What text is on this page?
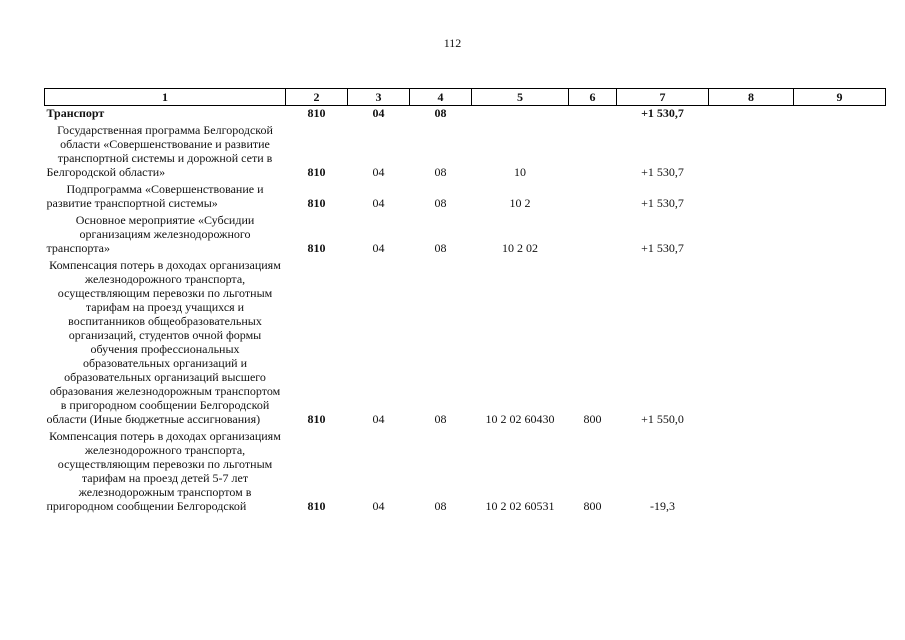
112
1	2	3	4	5	6	7	8	9
Транспорт	810	04	08			+1 530,7		
Государственная программа Белгородской области «Совершенствование и развитие транспортной системы и дорожной сети в Белгородской области»	810	04	08	10		+1 530,7		
Подпрограмма «Совершенствование и развитие транспортной системы»	810	04	08	10 2		+1 530,7		
Основное мероприятие «Субсидии организациям железнодорожного транспорта»	810	04	08	10 2 02		+1 530,7		
Компенсация потерь в доходах организациям железнодорожного транспорта, осуществляющим перевозки по льготным тарифам на проезд учащихся и воспитанников общеобразовательных организаций, студентов очной формы обучения профессиональных образовательных организаций и образовательных организаций высшего образования железнодорожным транспортом в пригородном сообщении Белгородской области (Иные бюджетные ассигнования)	810	04	08	10 2 02 60430	800	+1 550,0		
Компенсация потерь в доходах организациям железнодорожного транспорта, осуществляющим перевозки по льготным тарифам на проезд детей 5-7 лет железнодорожным транспортом в пригородном сообщении Белгородской	810	04	08	10 2 02 60531	800	-19,3		
